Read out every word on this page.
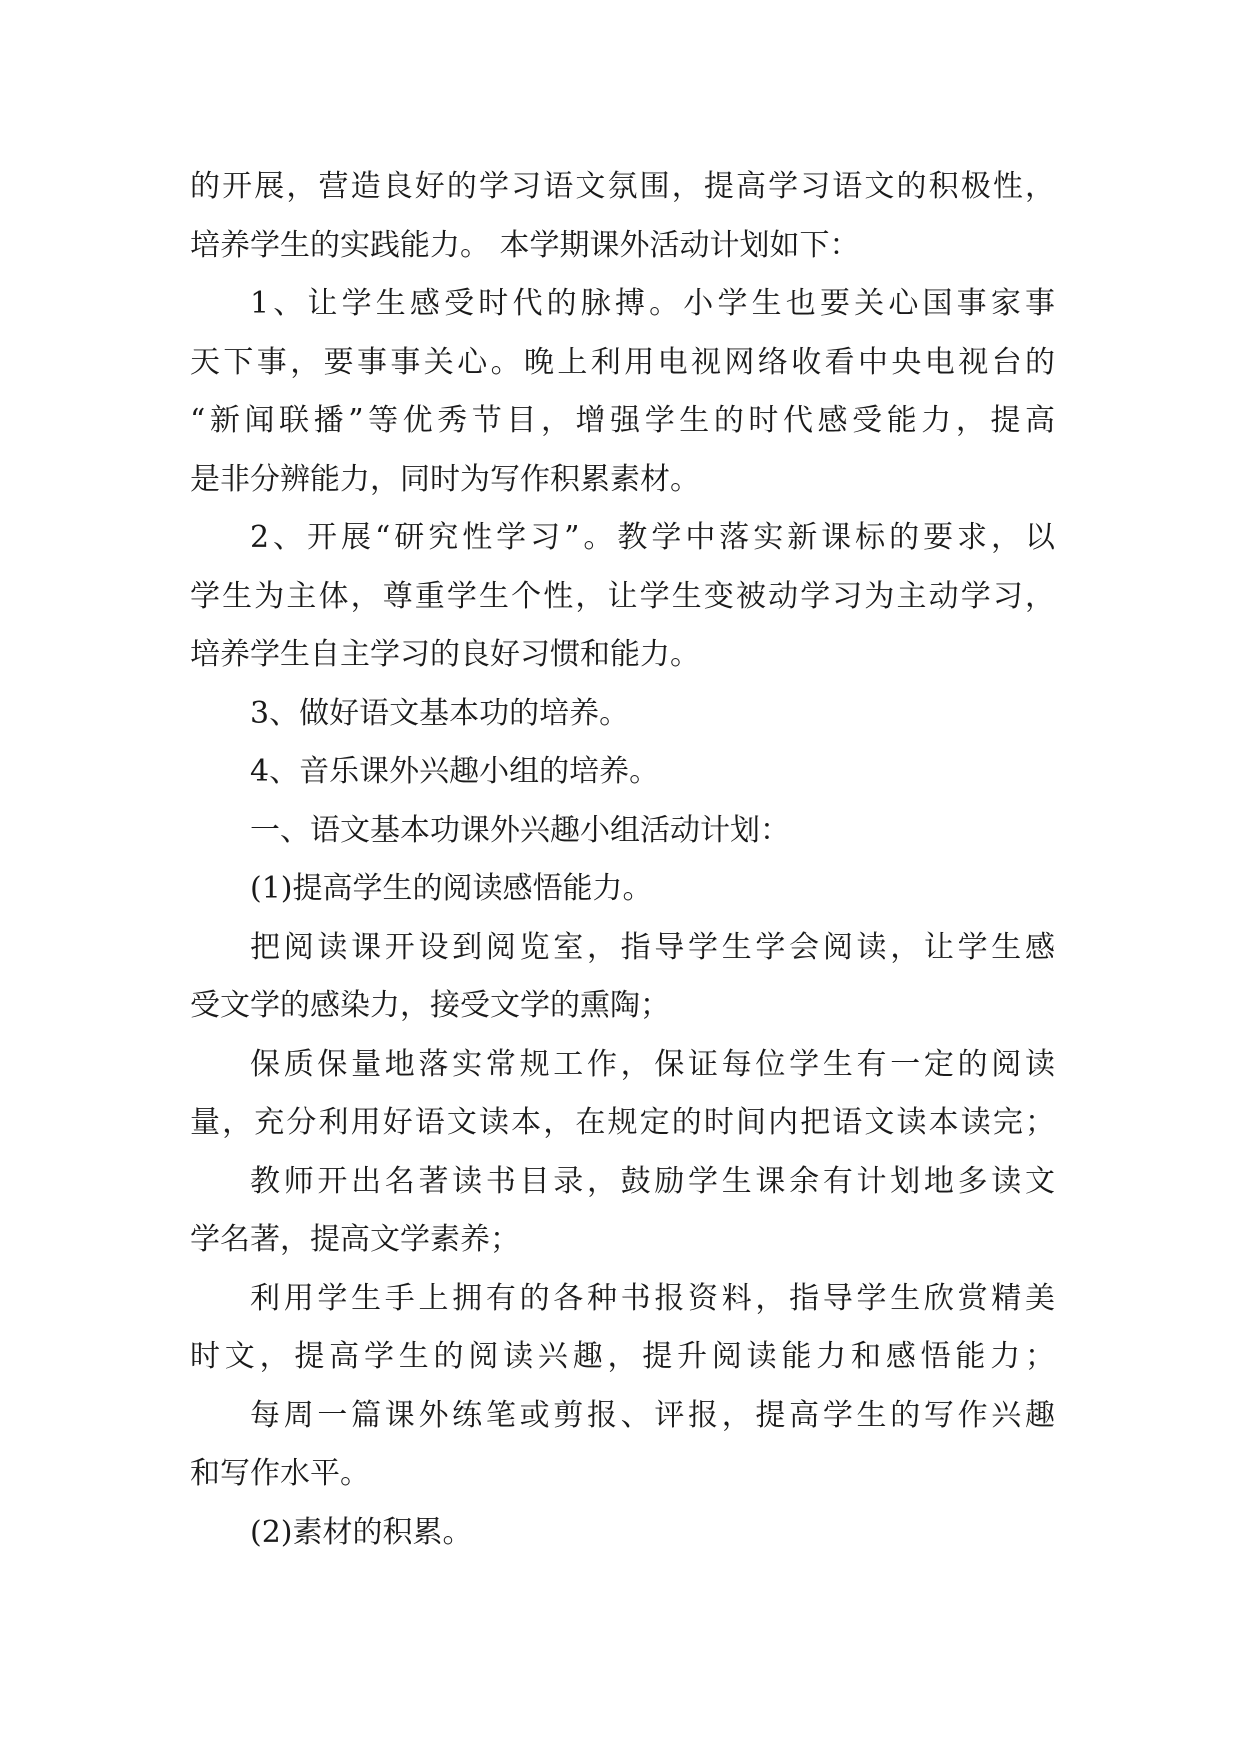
的开展，营造良好的学习语文氛围，提高学习语文的积极性，
培养学生的实践能力。 本学期课外活动计划如下：
1、让学生感受时代的脉搏。小学生也要关心国事家事
天下事，要事事关心。晚上利用电视网络收看中央电视台的
“新闻联播”等优秀节目，增强学生的时代感受能力，提高
是非分辨能力，同时为写作积累素材。
2、开展“研究性学习”。教学中落实新课标的要求，以
学生为主体，尊重学生个性，让学生变被动学习为主动学习，
培养学生自主学习的良好习惯和能力。
3、做好语文基本功的培养。
4、音乐课外兴趣小组的培养。
一、语文基本功课外兴趣小组活动计划：
(1)提高学生的阅读感悟能力。
把阅读课开设到阅览室，指导学生学会阅读，让学生感
受文学的感染力，接受文学的熏陶；
保质保量地落实常规工作，保证每位学生有一定的阅读
量，充分利用好语文读本，在规定的时间内把语文读本读完；
教师开出名著读书目录，鼓励学生课余有计划地多读文
学名著，提高文学素养；
利用学生手上拥有的各种书报资料，指导学生欣赏精美
时文，提高学生的阅读兴趣，提升阅读能力和感悟能力；
每周一篇课外练笔或剪报、评报，提高学生的写作兴趣
和写作水平。
(2)素材的积累。
